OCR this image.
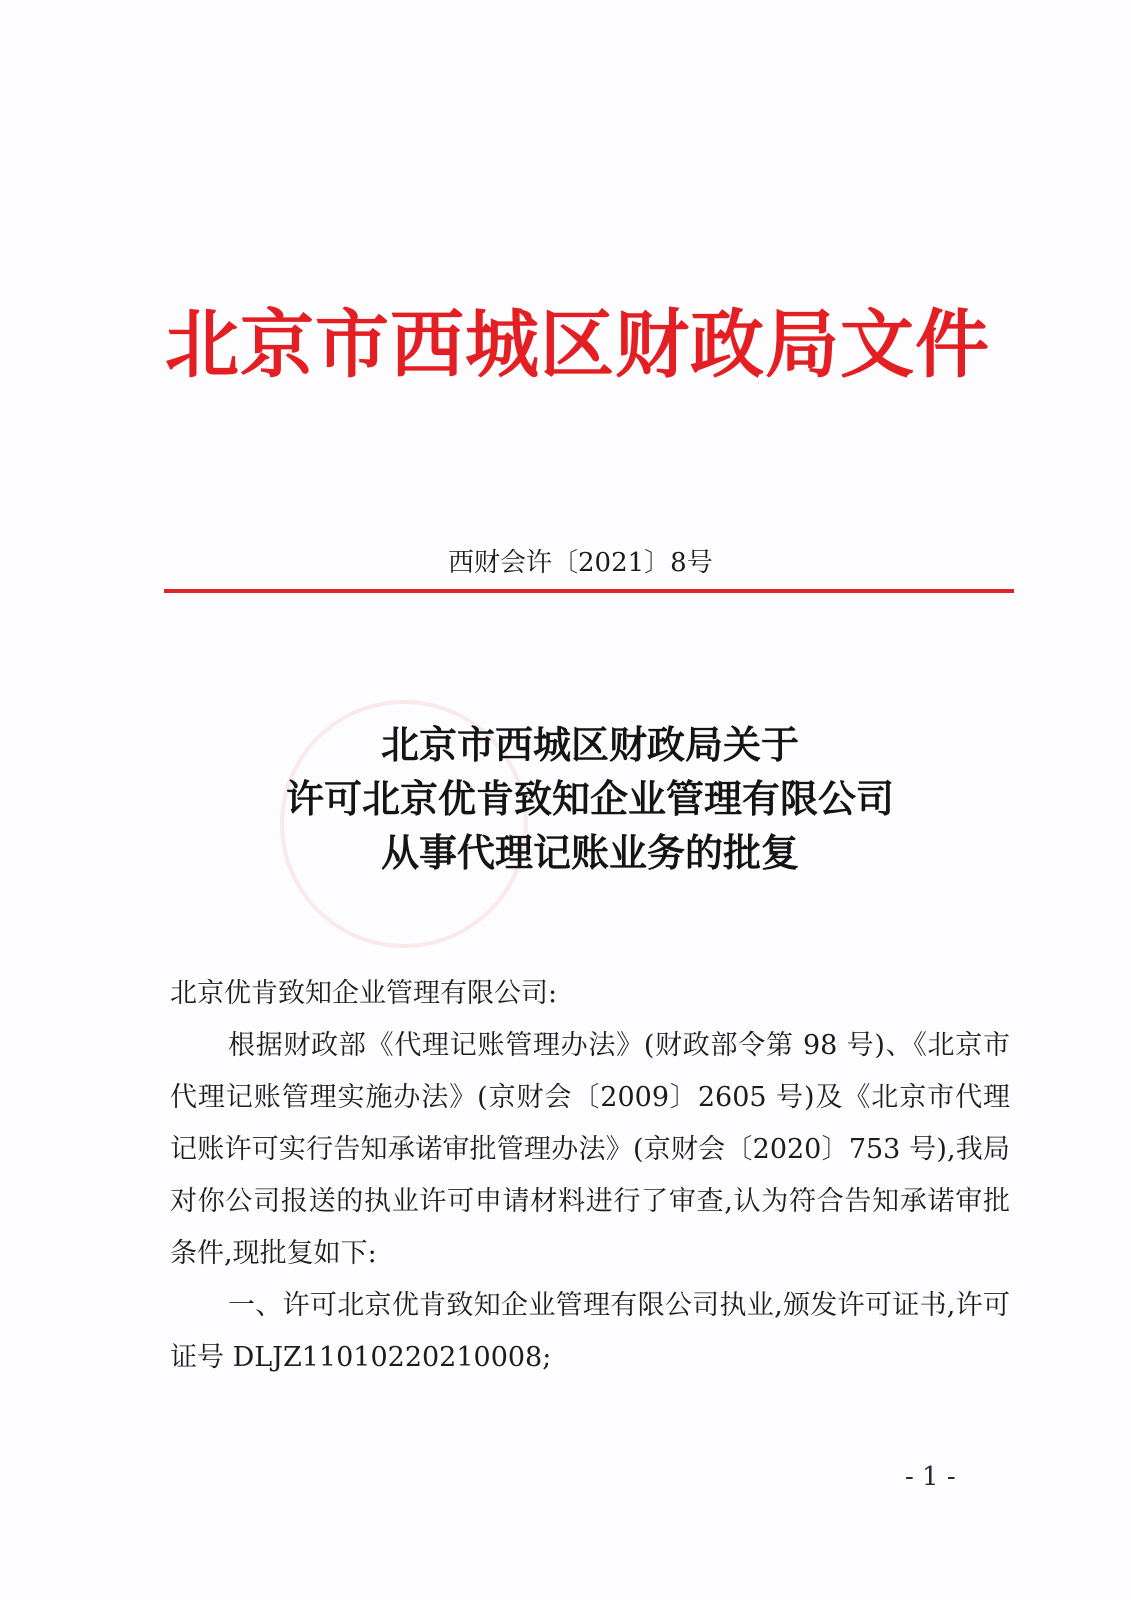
北京市西城区财政局文件
西财会许〔2021〕8号
北京市西城区财政局关于
许可北京优肯致知企业管理有限公司
从事代理记账业务的批复

北京优肯致知企业管理有限公司:

根据财政部《代理记账管理办法》(财政部令第 98 号)、《北京市代理记账管理实施办法》(京财会〔2009〕2605 号)及《北京市代理记账许可实行告知承诺审批管理办法》(京财会〔2020〕753 号),我局对你公司报送的执业许可申请材料进行了审查,认为符合告知承诺审批条件,现批复如下:

一、许可北京优肯致知企业管理有限公司执业,颁发许可证书,许可证号 DLJZ11010220210008;

- 1 -
